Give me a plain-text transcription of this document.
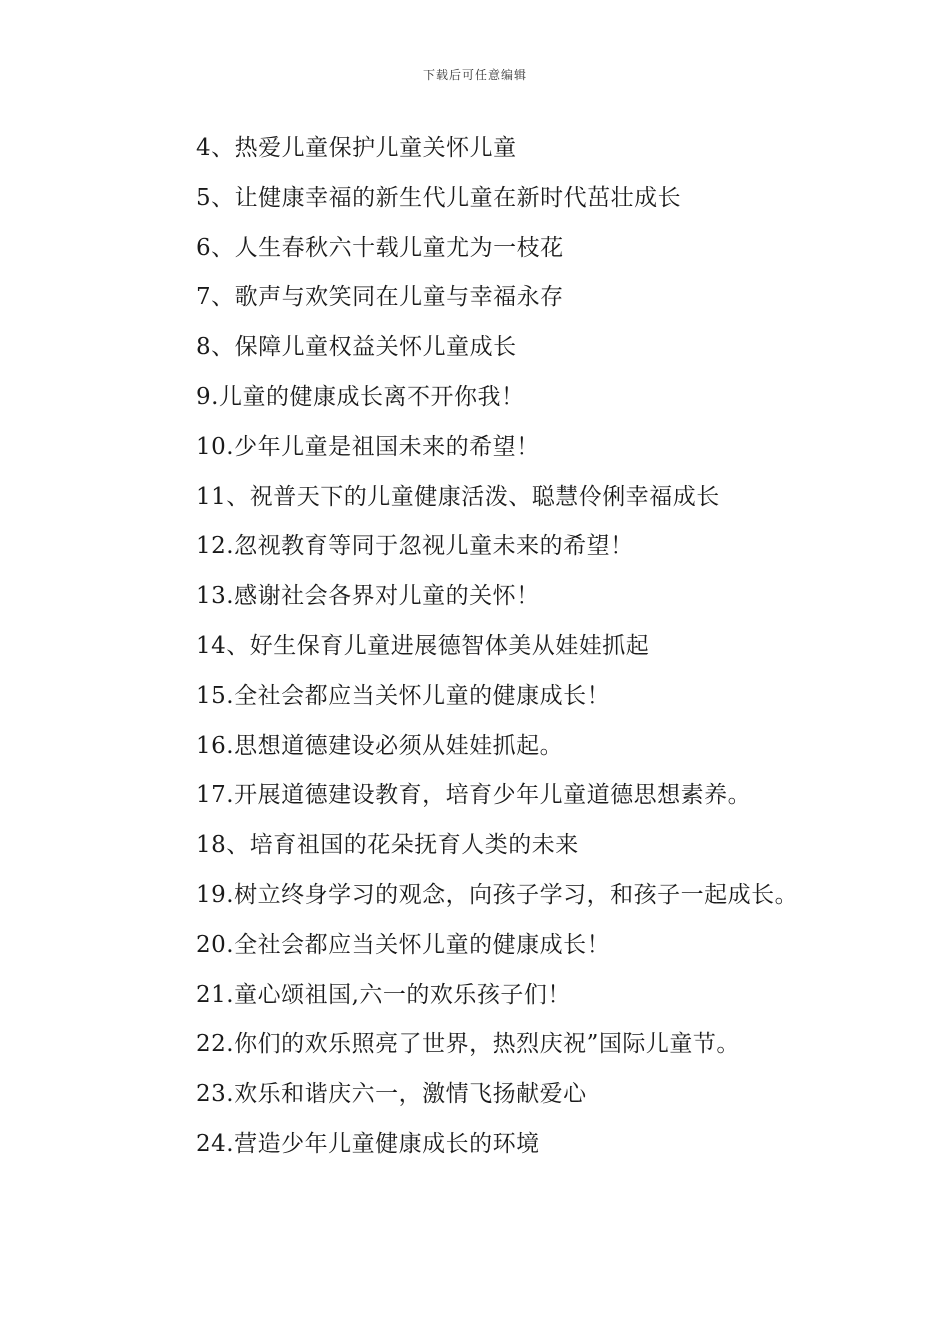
下载后可任意编辑

4、热爱儿童保护儿童关怀儿童

5、让健康幸福的新生代儿童在新时代茁壮成长

6、人生春秋六十载儿童尤为一枝花

7、歌声与欢笑同在儿童与幸福永存

8、保障儿童权益关怀儿童成长

9.儿童的健康成长离不开你我！

10.少年儿童是祖国未来的希望！

11、祝普天下的儿童健康活泼、聪慧伶俐幸福成长

12.忽视教育等同于忽视儿童未来的希望！

13.感谢社会各界对儿童的关怀！

14、好生保育儿童进展德智体美从娃娃抓起

15.全社会都应当关怀儿童的健康成长！

16.思想道德建设必须从娃娃抓起。

17.开展道德建设教育，培育少年儿童道德思想素养。

18、培育祖国的花朵抚育人类的未来

19.树立终身学习的观念，向孩子学习，和孩子一起成长。

20.全社会都应当关怀儿童的健康成长！

21.童心颂祖国,六一的欢乐孩子们！

22.你们的欢乐照亮了世界，热烈庆祝”国际儿童节。

23.欢乐和谐庆六一，激情飞扬献爱心

24.营造少年儿童健康成长的环境
